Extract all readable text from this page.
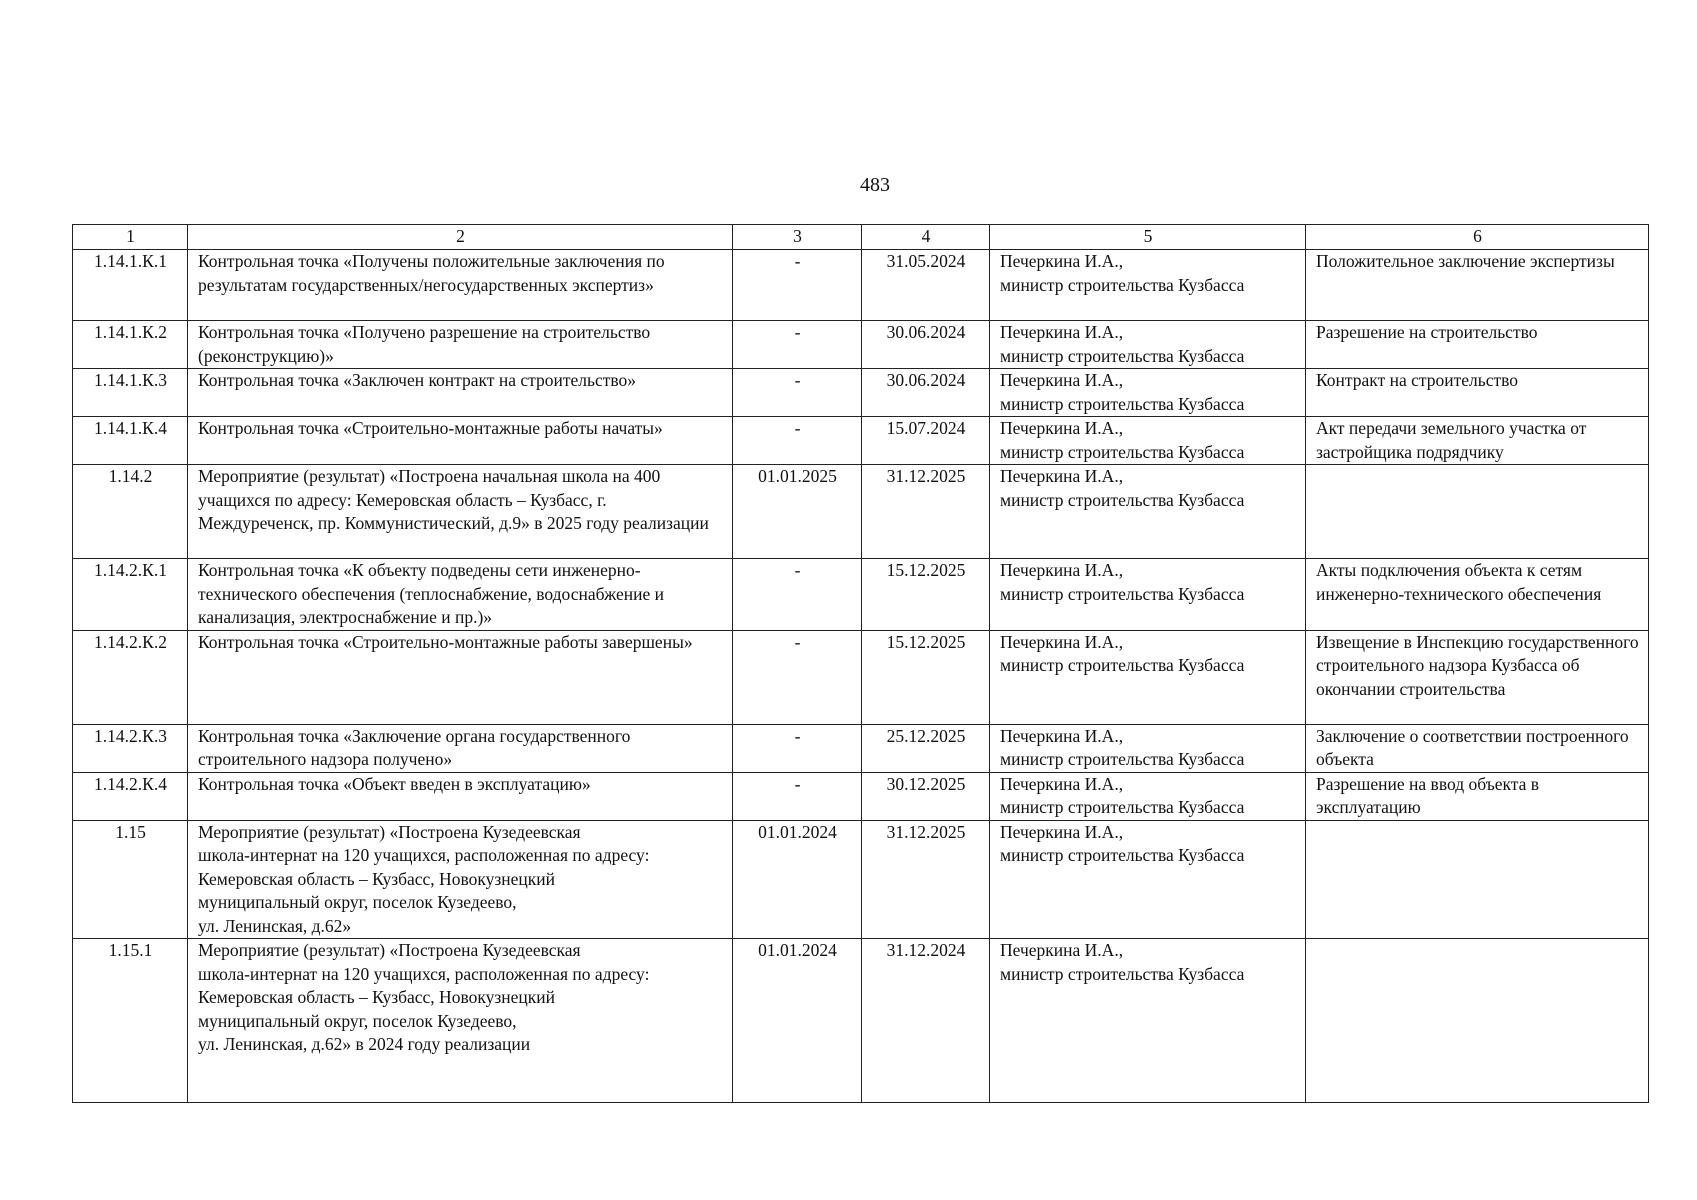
483
1	2	3	4	5	6
1.14.1.К.1	Контрольная точка «Получены положительные заключения по результатам государственных/негосударственных экспертиз»	-	31.05.2024	Печеркина И.А.,
министр строительства Кузбасса	Положительное заключение экспертизы
1.14.1.К.2	Контрольная точка «Получено разрешение на строительство (реконструкцию)»	-	30.06.2024	Печеркина И.А.,
министр строительства Кузбасса	Разрешение на строительство
1.14.1.К.3	Контрольная точка «Заключен контракт на строительство»	-	30.06.2024	Печеркина И.А.,
министр строительства Кузбасса	Контракт на строительство
1.14.1.К.4	Контрольная точка «Строительно-монтажные работы начаты»	-	15.07.2024	Печеркина И.А.,
министр строительства Кузбасса	Акт передачи земельного участка от застройщика подрядчику
1.14.2	Мероприятие (результат) «Построена начальная школа на 400 учащихся по адресу: Кемеровская область – Кузбасс, г. Междуреченск, пр. Коммунистический, д.9» в 2025 году реализации	01.01.2025	31.12.2025	Печеркина И.А.,
министр строительства Кузбасса	

1.14.2.К.1	Контрольная точка «К объекту подведены сети инженерно-технического обеспечения (теплоснабжение, водоснабжение и канализация, электроснабжение и пр.)»	-	15.12.2025	Печеркина И.А.,
министр строительства Кузбасса	Акты подключения объекта к сетям инженерно-технического обеспечения
1.14.2.К.2	Контрольная точка «Строительно-монтажные работы завершены»	-	15.12.2025	Печеркина И.А.,
министр строительства Кузбасса	Извещение в Инспекцию государственного строительного надзора Кузбасса об окончании строительства
1.14.2.К.3	Контрольная точка «Заключение органа государственного строительного надзора получено»	-	25.12.2025	Печеркина И.А.,
министр строительства Кузбасса	Заключение о соответствии построенного объекта
1.14.2.К.4	Контрольная точка «Объект введен в эксплуатацию»	-	30.12.2025	Печеркина И.А.,
министр строительства Кузбасса	Разрешение на ввод объекта в эксплуатацию
1.15	Мероприятие (результат) «Построена Кузедеевская
школа-интернат на 120 учащихся, расположенная по адресу:
Кемеровская область – Кузбасс, Новокузнецкий
муниципальный округ, поселок Кузедеево,
ул. Ленинская, д.62»	01.01.2024	31.12.2025	Печеркина И.А.,
министр строительства Кузбасса	

1.15.1	Мероприятие (результат) «Построена Кузедеевская
школа-интернат на 120 учащихся, расположенная по адресу:
Кемеровская область – Кузбасс, Новокузнецкий
муниципальный округ, поселок Кузедеево,
ул. Ленинская, д.62» в 2024 году реализации	01.01.2024	31.12.2024	Печеркина И.А.,
министр строительства Кузбасса	
